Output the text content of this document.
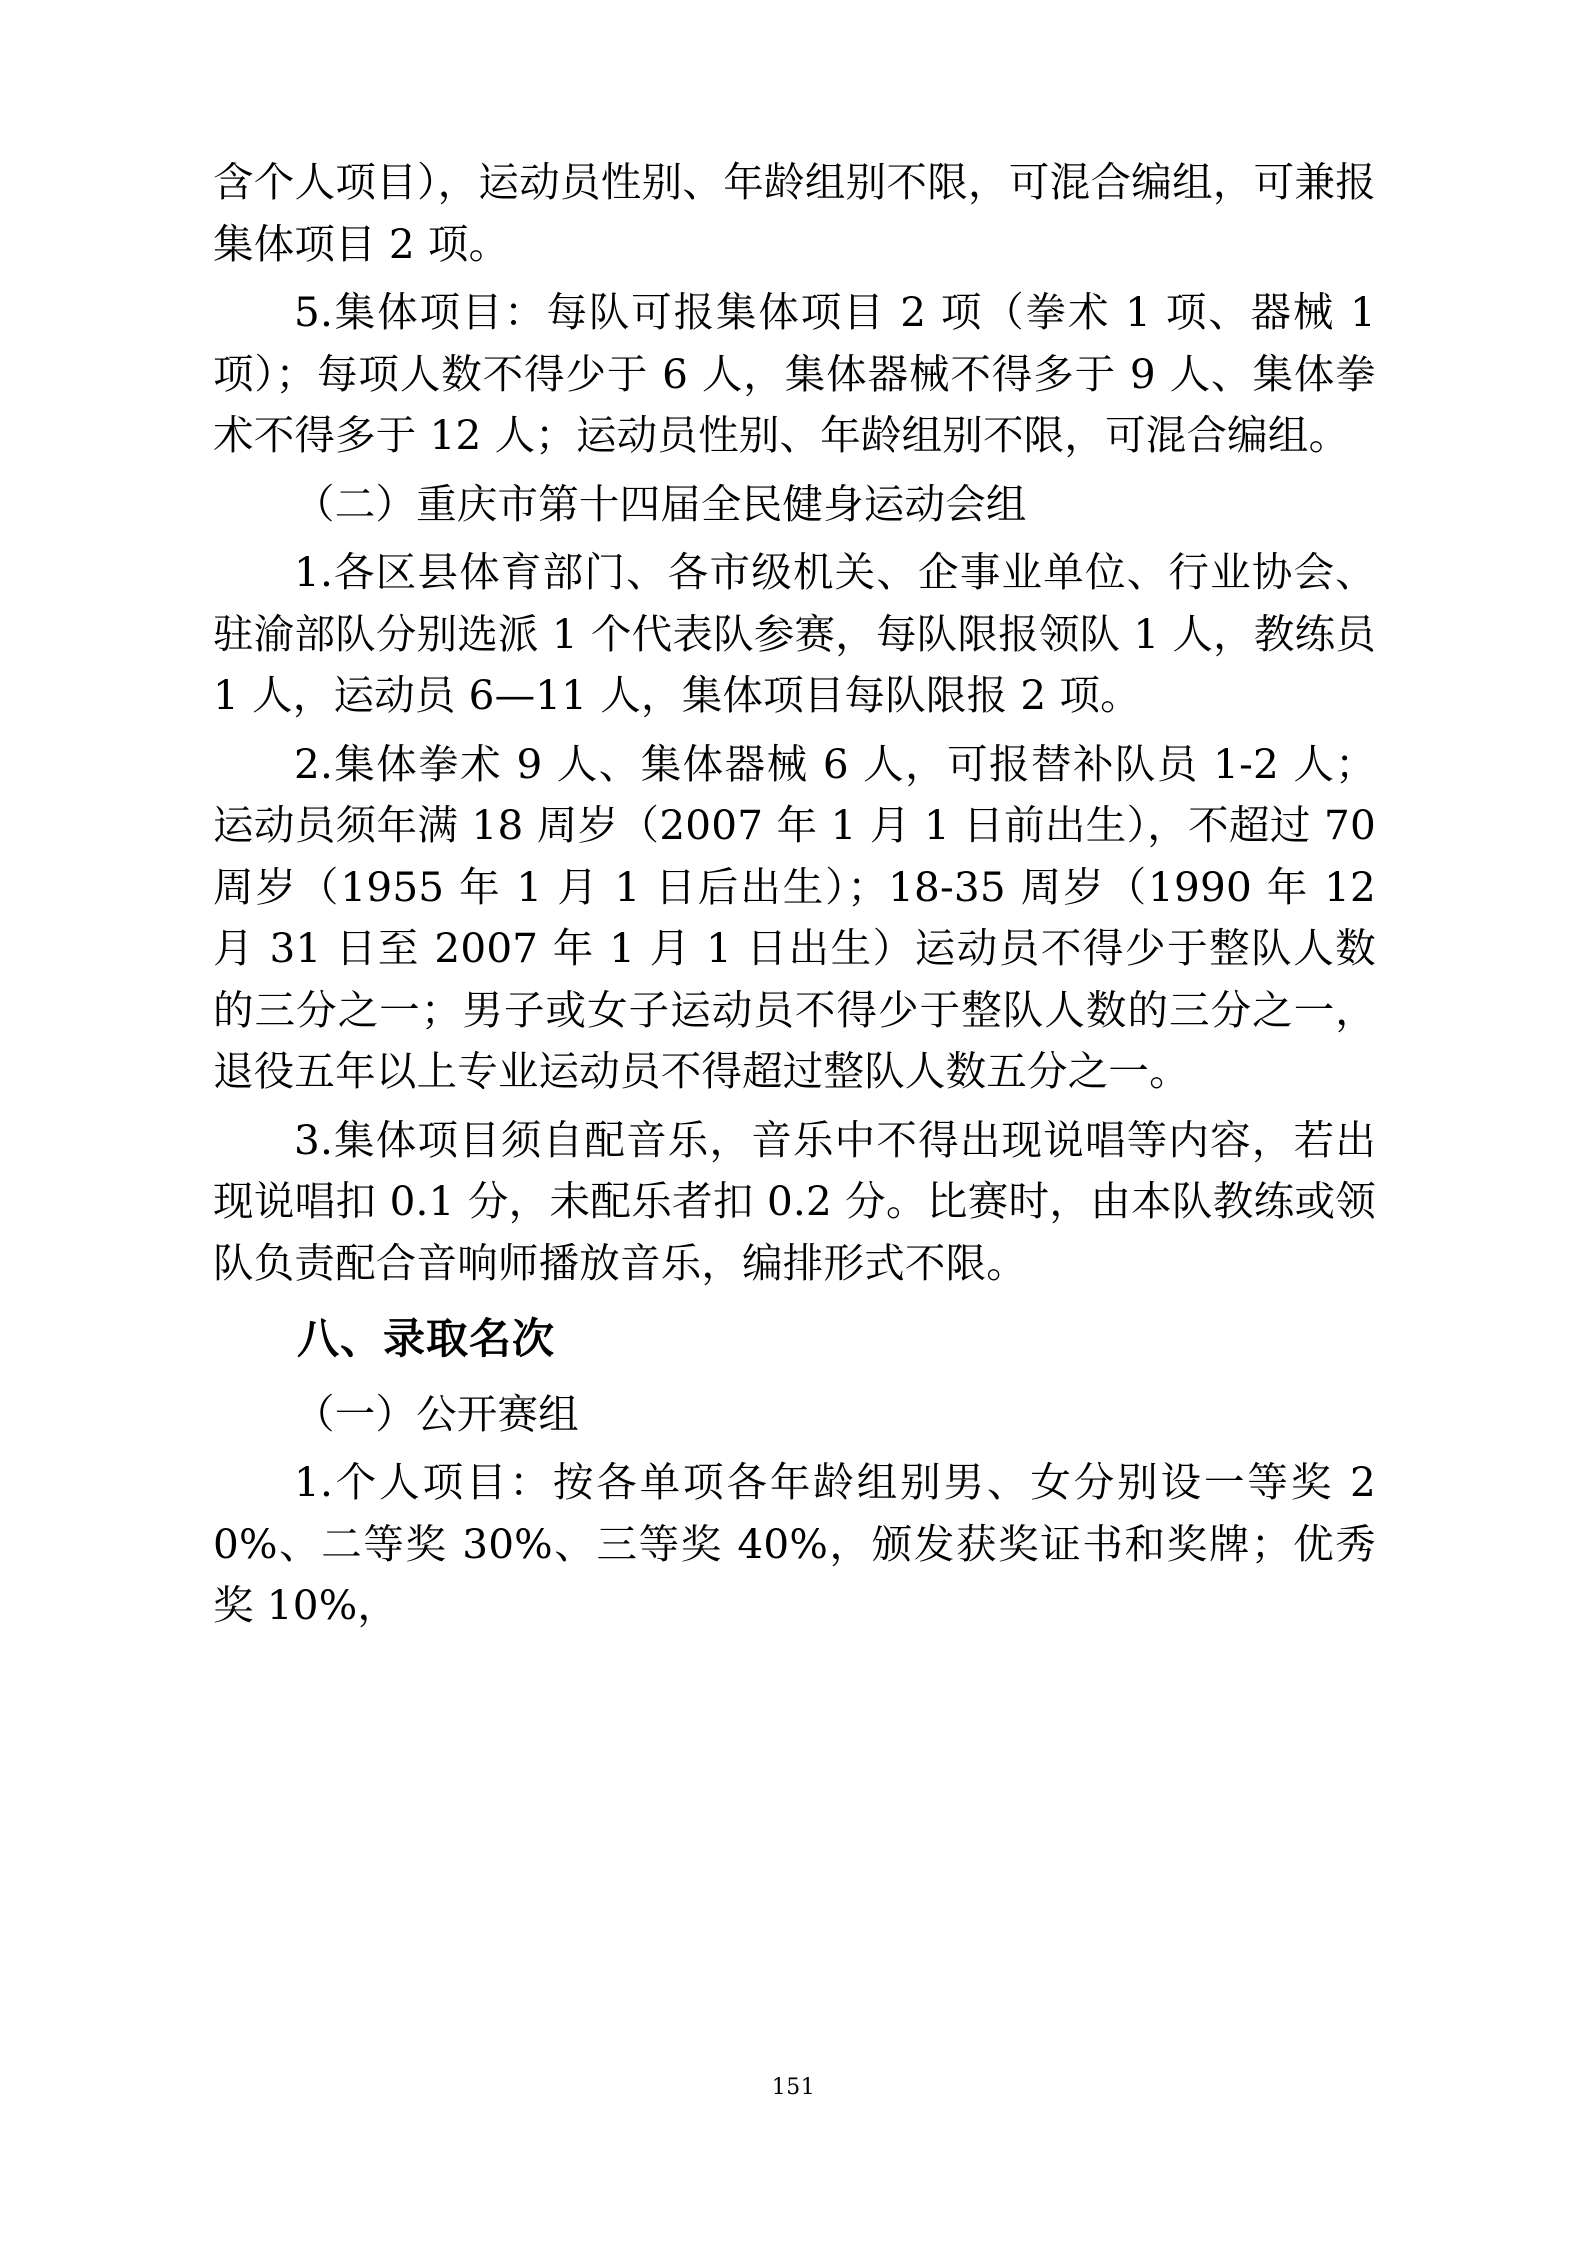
含个人项目），运动员性别、年龄组别不限，可混合编组，可兼报集体项目 2 项。

5.集体项目：每队可报集体项目 2 项（拳术 1 项、器械 1 项）；每项人数不得少于 6 人，集体器械不得多于 9 人、集体拳术不得多于 12 人；运动员性别、年龄组别不限，可混合编组。

（二）重庆市第十四届全民健身运动会组

1.各区县体育部门、各市级机关、企事业单位、行业协会、驻渝部队分别选派 1 个代表队参赛，每队限报领队 1 人，教练员 1 人，运动员 6—11 人，集体项目每队限报 2 项。

2.集体拳术 9 人、集体器械 6 人，可报替补队员 1-2 人；运动员须年满 18 周岁（2007 年 1 月 1 日前出生），不超过 70 周岁（1955 年 1 月 1 日后出生）；18-35 周岁（1990 年 12 月 31 日至 2007 年 1 月 1 日出生）运动员不得少于整队人数的三分之一；男子或女子运动员不得少于整队人数的三分之一，退役五年以上专业运动员不得超过整队人数五分之一。

3.集体项目须自配音乐，音乐中不得出现说唱等内容，若出现说唱扣 0.1 分，未配乐者扣 0.2 分。比赛时，由本队教练或领队负责配合音响师播放音乐，编排形式不限。

八、录取名次

（一）公开赛组

1.个人项目：按各单项各年龄组别男、女分别设一等奖 20%、二等奖 30%、三等奖 40%，颁发获奖证书和奖牌；优秀奖 10%，

151
